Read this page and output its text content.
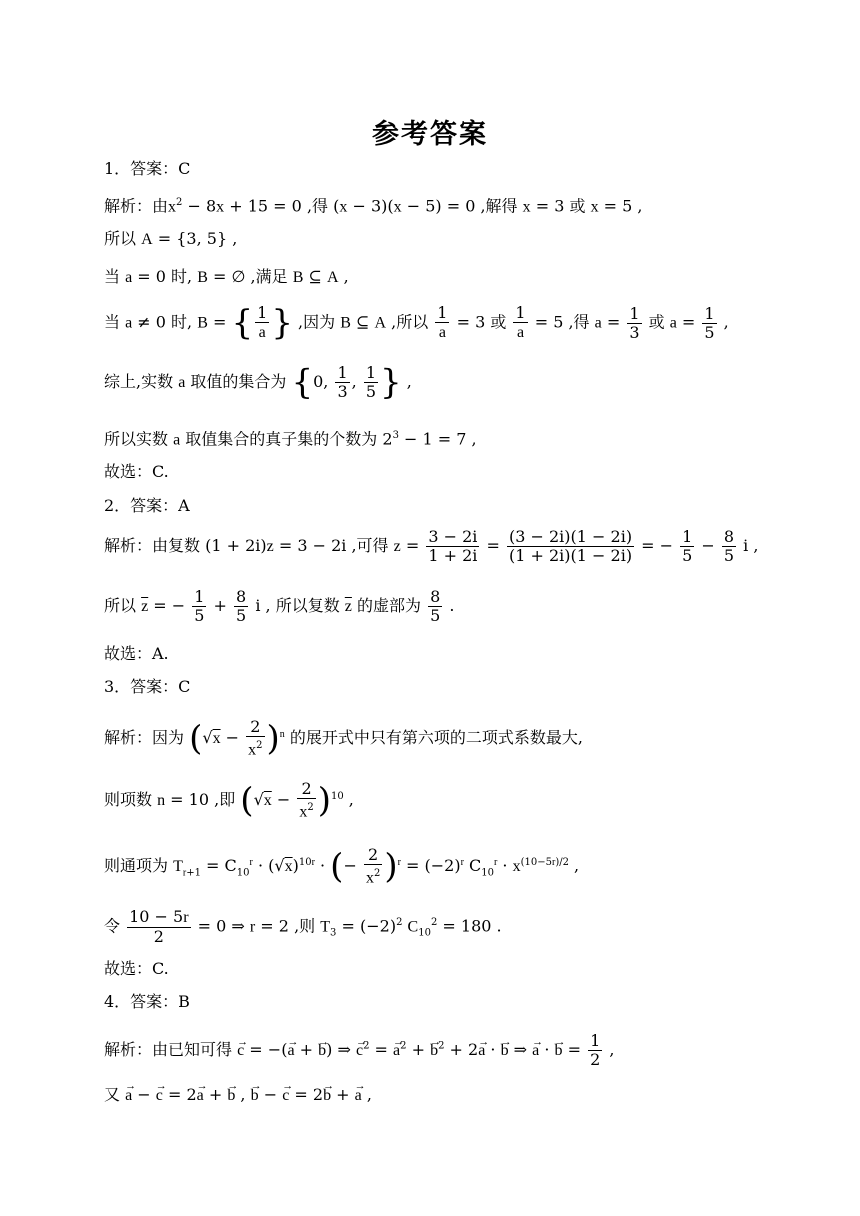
参考答案
1．答案：C
解析：由$x^2 - 8x + 15 = 0$ ,得 (x − 3)(x − 5) = 0 ,解得 x = 3 或 x = 5 ,
所以 A = {3, 5} ,
当 a = 0 时, B = ∅ ,满足 B ⊆ A ,
当 a ≠ 0 时, B = { $\frac{1}{a}$ } ,因为 B ⊆ A ,所以 $\frac{1}{a} = 3$ 或 $\frac{1}{a} = 5$ ,得 $a = \frac{1}{3}$ 或 $a = \frac{1}{5}$ ,
综上,实数 a 取值的集合为 {0, $\frac{1}{3}$ , $\frac{1}{5}$ } ,
所以实数 a 取值集合的真子集的个数为 $2^3 - 1 = 7$ ,
故选：C.
2．答案：A
解析：由复数 (1 + 2i)z = 3 − 2i ,可得 $z = \frac{3 - 2i}{1 + 2i} = \frac{(3 - 2i)(1 - 2i)}{(1 + 2i)(1 - 2i)}$ = − $\frac{1}{5} - \frac{8}{5}$ i ,
所以 $\overline{z}$ = − $\frac{1}{5} + \frac{8}{5}$ i , 所以复数 $\overline{z}$ 的虚部为 $\frac{8}{5}$ .
故选：A.
3．答案：C
解析：因为 $(√x - \frac{2}{x^2} )^n$ 的展开式中只有第六项的二项式系数最大,
则项数 n = 10 ,即 $(√x - \frac{2}{x^2} )^{10}$ ,
则通项为 $T_{r+1} = C_{10}^r \cdot (√x)^{10r}$ · (− $\frac{2}{x^2} )^r = (-2)^r$ $C_{10}^r \cdot x^{(10-5r)/2}$ ,
令 $\frac{10 - 5r}{2} = 0$ ⇒ r = 2 ,则 $T_3 = (-2)^2$ $C_{10}^2 = 180$ .
故选：C.
4．答案：B
解析：由已知可得 → c = −(→ a + → b) ⇒ → $c^2$ = → $a^2$ + → $b^2 + 2\to a$ · → b ⇒ → a · → $b = \frac{1}{2}$ ,
又 → a − → c = 2→ a + → b , → b − → c = 2→ b + → a ,
